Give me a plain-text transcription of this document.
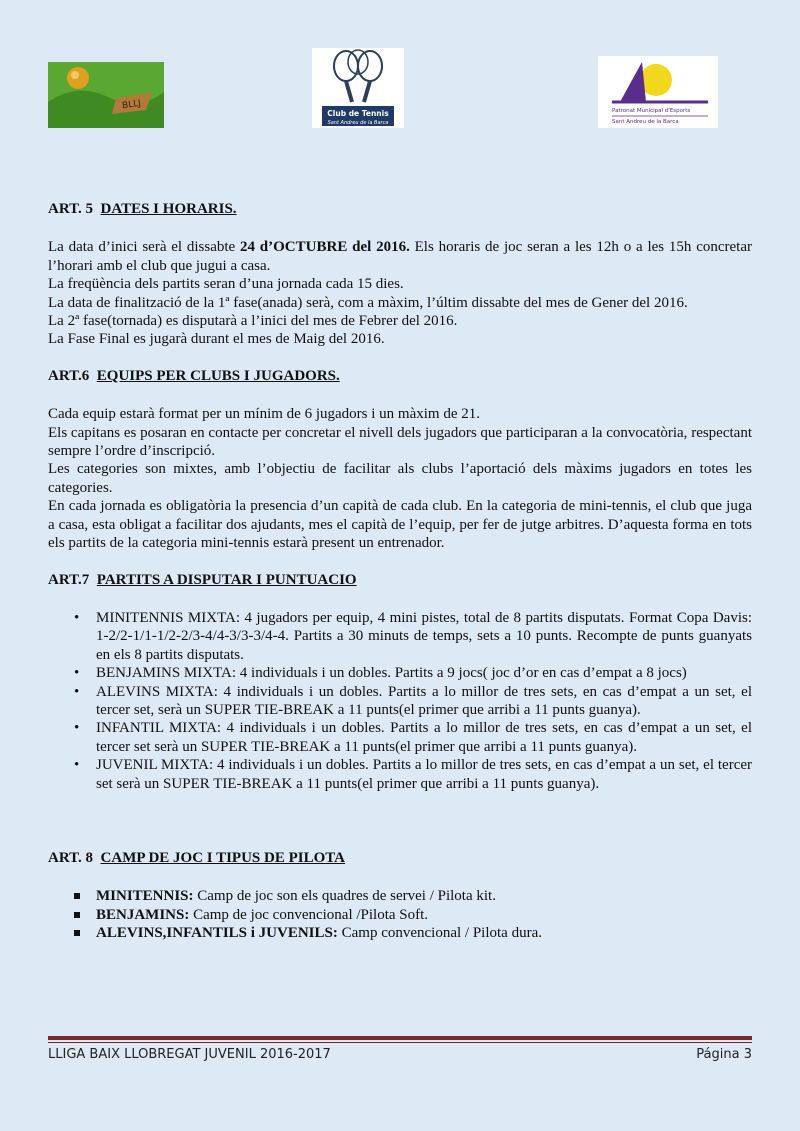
BLLJ
Club de Tennis
Sant Andreu de la Barca
Patronat Municipal d'Esports
Sant Andreu de la Barca
ART. 5 DATES I HORARIS.

La data d’inici serà el dissabte 24 d’OCTUBRE del 2016. Els horaris de joc seran a les 12h o a les 15h concretar l’horari amb el club que jugui a casa.

La freqüència dels partits seran d’una jornada cada 15 dies.

La data de finalització de la 1ª fase(anada) serà, com a màxim, l’últim dissabte del mes de Gener del 2016.

La 2ª fase(tornada) es disputarà a l’inici del mes de Febrer del 2016.

La Fase Final es jugarà durant el mes de Maig del 2016.

ART.6 EQUIPS PER CLUBS I JUGADORS.

Cada equip estarà format per un mínim de 6 jugadors i un màxim de 21.

Els capitans es posaran en contacte per concretar el nivell dels jugadors que participaran a la convocatòria, respectant sempre l’ordre d’inscripció.

Les categories son mixtes, amb l’objectiu de facilitar als clubs l’aportació dels màxims jugadors en totes les categories.

En cada jornada es obligatòria la presencia d’un capità de cada club. En la categoria de mini-tennis, el club que juga a casa, esta obligat a facilitar dos ajudants, mes el capità de l’equip, per fer de jutge arbitres. D’aquesta forma en tots els partits de la categoria mini-tennis estarà present un entrenador.

ART.7 PARTITS A DISPUTAR I PUNTUACIO
• MINITENNIS MIXTA: 4 jugadors per equip, 4 mini pistes, total de 8 partits disputats. Format Copa Davis: 1-2/2-1/1-1/2-2/3-4/4-3/3-3/4-4. Partits a 30 minuts de temps, sets a 10 punts. Recompte de punts guanyats en els 8 partits disputats.
• BENJAMINS MIXTA: 4 individuals i un dobles. Partits a 9 jocs( joc d’or en cas d’empat a 8 jocs)
• ALEVINS MIXTA: 4 individuals i un dobles. Partits a lo millor de tres sets, en cas d’empat a un set, el tercer set, serà un SUPER TIE-BREAK a 11 punts(el primer que arribi a 11 punts guanya).
• INFANTIL MIXTA: 4 individuals i un dobles. Partits a lo millor de tres sets, en cas d’empat a un set, el tercer set serà un SUPER TIE-BREAK a 11 punts(el primer que arribi a 11 punts guanya).
• JUVENIL MIXTA: 4 individuals i un dobles. Partits a lo millor de tres sets, en cas d’empat a un set, el tercer set serà un SUPER TIE-BREAK a 11 punts(el primer que arribi a 11 punts guanya).
ART. 8 CAMP DE JOC I TIPUS DE PILOTA
MINITENNIS: Camp de joc son els quadres de servei / Pilota kit.
BENJAMINS: Camp de joc convencional /Pilota Soft.
ALEVINS,INFANTILS i JUVENILS: Camp convencional / Pilota dura.
LLIGA BAIX LLOBREGAT JUVENIL 2016-2017	Página 3
